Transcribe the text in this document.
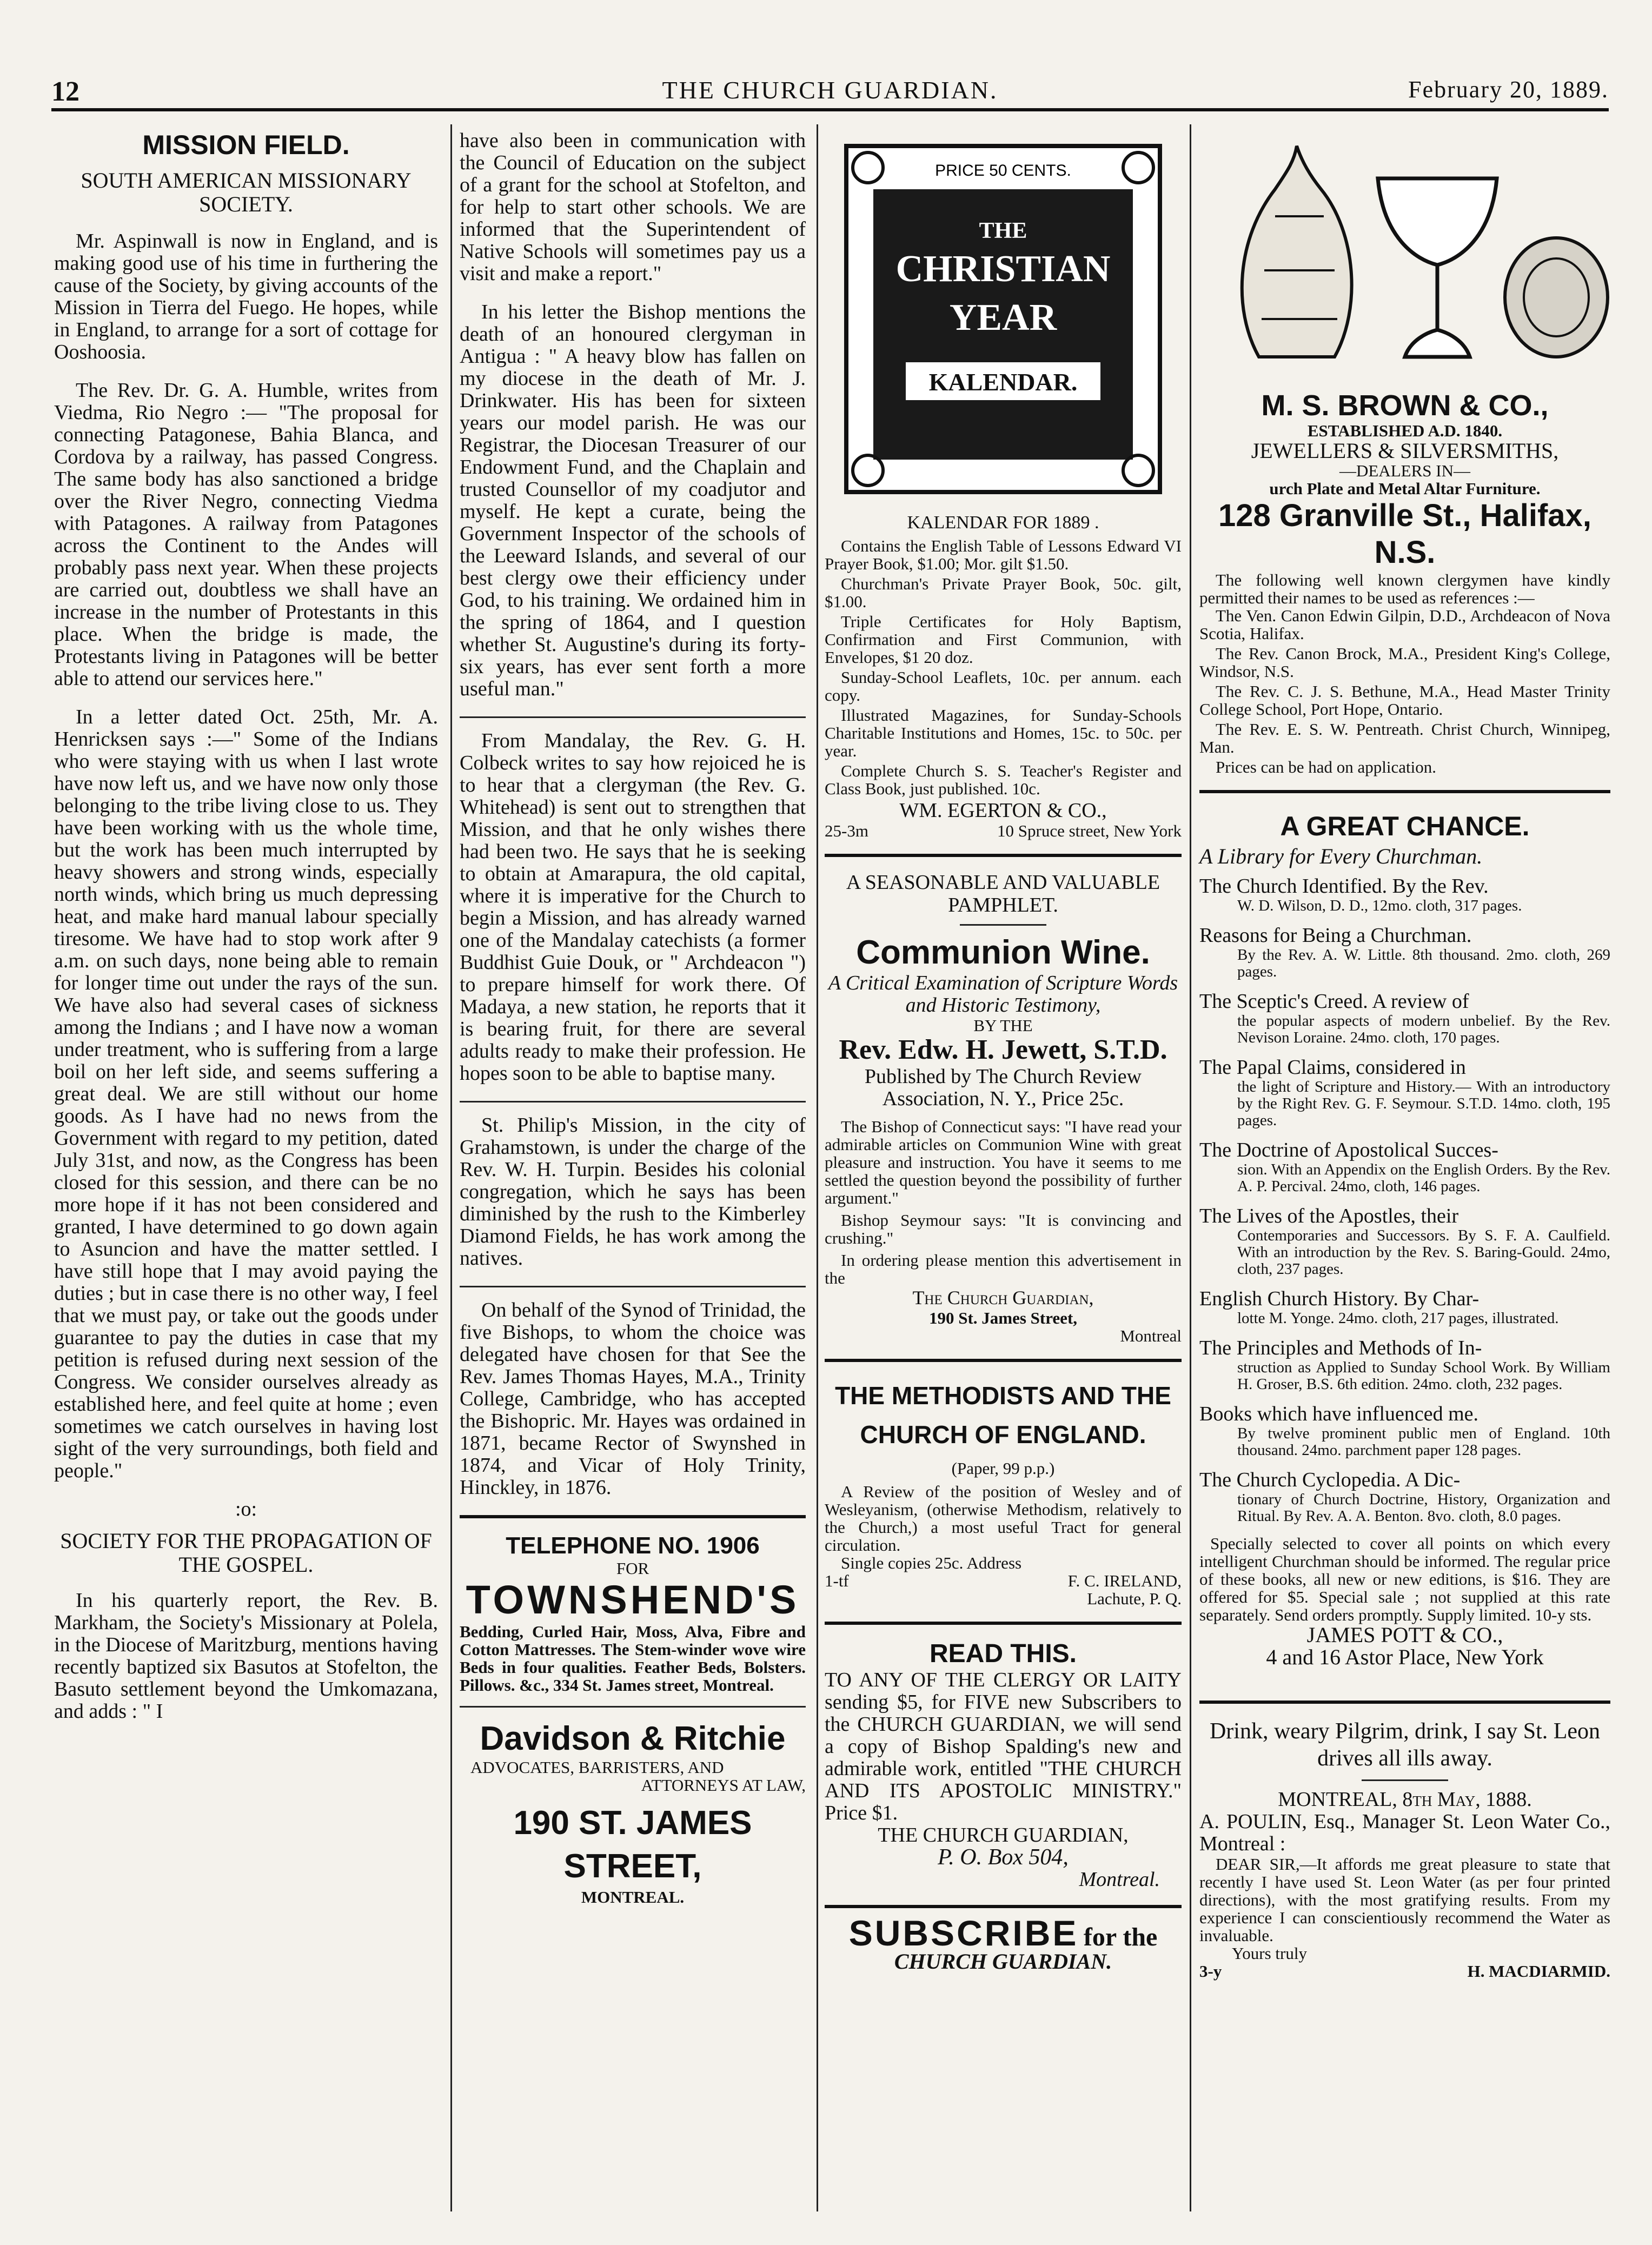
12	THE CHURCH GUARDIAN.	February 20, 1889.
MISSION FIELD.
SOUTH AMERICAN MISSIONARY SOCIETY.

Mr. Aspinwall is now in England, and is making good use of his time in furthering the cause of the Society, by giving accounts of the Mission in Tierra del Fuego. He hopes, while in England, to arrange for a sort of cottage for Ooshoosia.

The Rev. Dr. G. A. Humble, writes from Viedma, Rio Negro :— "The proposal for connecting Patagonese, Bahia Blanca, and Cordova by a railway, has passed Congress. The same body has also sanctioned a bridge over the River Negro, connecting Viedma with Patagones. A railway from Patagones across the Continent to the Andes will probably pass next year. When these projects are carried out, doubtless we shall have an increase in the number of Protestants in this place. When the bridge is made, the Protestants living in Patagones will be better able to attend our services here."

In a letter dated Oct. 25th, Mr. A. Henricksen says :—" Some of the Indians who were staying with us when I last wrote have now left us, and we have now only those belonging to the tribe living close to us. They have been working with us the whole time, but the work has been much interrupted by heavy showers and strong winds, especially north winds, which bring us much depressing heat, and make hard manual labour specially tiresome. We have had to stop work after 9 a.m. on such days, none being able to remain for longer time out under the rays of the sun. We have also had several cases of sickness among the Indians ; and I have now a woman under treatment, who is suffering from a large boil on her left side, and seems suffering a great deal. We are still without our home goods. As I have had no news from the Government with regard to my petition, dated July 31st, and now, as the Congress has been closed for this session, and there can be no more hope if it has not been considered and granted, I have determined to go down again to Asuncion and have the matter settled. I have still hope that I may avoid paying the duties ; but in case there is no other way, I feel that we must pay, or take out the goods under guarantee to pay the duties in case that my petition is refused during next session of the Congress. We consider ourselves already as established here, and feel quite at home ; even sometimes we catch ourselves in having lost sight of the very surroundings, both field and people."

:o:
SOCIETY FOR THE PROPAGATION OF THE GOSPEL.

In his quarterly report, the Rev. B. Markham, the Society's Missionary at Polela, in the Diocese of Maritzburg, mentions having recently baptized six Basutos at Stofelton, the Basuto settlement beyond the Umkomazana, and adds : " I

have also been in communication with the Council of Education on the subject of a grant for the school at Stofelton, and for help to start other schools. We are informed that the Superintendent of Native Schools will sometimes pay us a visit and make a report."

In his letter the Bishop mentions the death of an honoured clergyman in Antigua : " A heavy blow has fallen on my diocese in the death of Mr. J. Drinkwater. His has been for sixteen years our model parish. He was our Registrar, the Diocesan Treasurer of our Endowment Fund, and the Chaplain and trusted Counsellor of my coadjutor and myself. He kept a curate, being the Government Inspector of the schools of the Leeward Islands, and several of our best clergy owe their efficiency under God, to his training. We ordained him in the spring of 1864, and I question whether St. Augustine's during its forty-six years, has ever sent forth a more useful man."

From Mandalay, the Rev. G. H. Colbeck writes to say how rejoiced he is to hear that a clergyman (the Rev. G. Whitehead) is sent out to strengthen that Mission, and that he only wishes there had been two. He says that he is seeking to obtain at Amarapura, the old capital, where it is imperative for the Church to begin a Mission, and has already warned one of the Mandalay catechists (a former Buddhist Guie Douk, or " Archdeacon ") to prepare himself for work there. Of Madaya, a new station, he reports that it is bearing fruit, for there are several adults ready to make their profession. He hopes soon to be able to baptise many.

St. Philip's Mission, in the city of Grahamstown, is under the charge of the Rev. W. H. Turpin. Besides his colonial congregation, which he says has been diminished by the rush to the Kimberley Diamond Fields, he has work among the natives.

On behalf of the Synod of Trinidad, the five Bishops, to whom the choice was delegated have chosen for that See the Rev. James Thomas Hayes, M.A., Trinity College, Cambridge, who has accepted the Bishopric. Mr. Hayes was ordained in 1871, became Rector of Swynshed in 1874, and Vicar of Holy Trinity, Hinckley, in 1876.

TELEPHONE NO. 1906
FOR
TOWNSHEND'S
Bedding, Curled Hair, Moss, Alva, Fibre and Cotton Mattresses. The Stem-winder wove wire Beds in four qualities. Feather Beds, Bolsters. Pillows. &c., 334 St. James street, Montreal.
Davidson & Ritchie
ADVOCATES, BARRISTERS, AND
ATTORNEYS AT LAW,
190 ST. JAMES STREET,
MONTREAL.
PRICE 50 CENTS.
THE
CHRISTIAN
YEAR
KALENDAR.
KALENDAR FOR 1889 .
Contains the English Table of Lessons Edward VI Prayer Book, $1.00; Mor. gilt $1.50.
Churchman's Private Prayer Book, 50c. gilt, $1.00.
Triple Certificates for Holy Baptism, Confirmation and First Communion, with Envelopes, $1 20 doz.
Sunday-School Leaflets, 10c. per annum. each copy.
Illustrated Magazines, for Sunday-Schools Charitable Institutions and Homes, 15c. to 50c. per year.
Complete Church S. S. Teacher's Register and Class Book, just published. 10c.
WM. EGERTON & CO.,
25-3m	10 Spruce street, New York
A SEASONABLE AND VALUABLE PAMPHLET.
Communion Wine.
A Critical Examination of Scripture Words and Historic Testimony,
BY THE
Rev. Edw. H. Jewett, S.T.D.
Published by The Church Review Association, N. Y., Price 25c.
The Bishop of Connecticut says: "I have read your admirable articles on Communion Wine with great pleasure and instruction. You have it seems to me settled the question beyond the possibility of further argument."
Bishop Seymour says: "It is convincing and crushing."
In ordering please mention this advertisement in the
The Church Guardian,
190 St. James Street,
Montreal
THE METHODISTS AND THE CHURCH OF ENGLAND.
(Paper, 99 p.p.)
A Review of the position of Wesley and of Wesleyanism, (otherwise Methodism, relatively to the Church,) a most useful Tract for general circulation.
Single copies 25c. Address
1-tf	F. C. IRELAND,
Lachute, P. Q.
READ THIS.
TO ANY OF THE CLERGY OR LAITY sending $5, for FIVE new Subscribers to the CHURCH GUARDIAN, we will send a copy of Bishop Spalding's new and admirable work, entitled "THE CHURCH AND ITS APOSTOLIC MINISTRY." Price $1.
THE CHURCH GUARDIAN,
P. O. Box 504,
Montreal.
SUBSCRIBE for the
CHURCH GUARDIAN.
M. S. BROWN & CO.,
ESTABLISHED A.D. 1840.
JEWELLERS & SILVERSMITHS,
—DEALERS IN—
urch Plate and Metal Altar Furniture.
128 Granville St., Halifax, N.S.
The following well known clergymen have kindly permitted their names to be used as references :—
The Ven. Canon Edwin Gilpin, D.D., Archdeacon of Nova Scotia, Halifax.
The Rev. Canon Brock, M.A., President King's College, Windsor, N.S.
The Rev. C. J. S. Bethune, M.A., Head Master Trinity College School, Port Hope, Ontario.
The Rev. E. S. W. Pentreath. Christ Church, Winnipeg, Man.
Prices can be had on application.
A GREAT CHANCE.
A Library for Every Churchman.
The Church Identified. By the Rev.
W. D. Wilson, D. D., 12mo. cloth, 317 pages.
Reasons for Being a Churchman.
By the Rev. A. W. Little. 8th thousand. 2mo. cloth, 269 pages.
The Sceptic's Creed. A review of
the popular aspects of modern unbelief. By the Rev. Nevison Loraine. 24mo. cloth, 170 pages.
The Papal Claims, considered in
the light of Scripture and History.— With an introductory by the Right Rev. G. F. Seymour. S.T.D. 14mo. cloth, 195 pages.
The Doctrine of Apostolical Succes-
sion. With an Appendix on the English Orders. By the Rev. A. P. Percival. 24mo, cloth, 146 pages.
The Lives of the Apostles, their
Contemporaries and Successors. By S. F. A. Caulfield. With an introduction by the Rev. S. Baring-Gould. 24mo, cloth, 237 pages.
English Church History. By Char-
lotte M. Yonge. 24mo. cloth, 217 pages, illustrated.
The Principles and Methods of In-
struction as Applied to Sunday School Work. By William H. Groser, B.S. 6th edition. 24mo. cloth, 232 pages.
Books which have influenced me.
By twelve prominent public men of England. 10th thousand. 24mo. parchment paper 128 pages.
The Church Cyclopedia. A Dic-
tionary of Church Doctrine, History, Organization and Ritual. By Rev. A. A. Benton. 8vo. cloth, 8.0 pages.
Specially selected to cover all points on which every intelligent Churchman should be informed. The regular price of these books, all new or new editions, is $16. They are offered for $5. Special sale ; not supplied at this rate separately. Send orders promptly. Supply limited. 10-y sts.
JAMES POTT & CO.,
4 and 16 Astor Place, New York
Drink, weary Pilgrim, drink, I say St. Leon drives all ills away.
MONTREAL, 8th May, 1888.
A. POULIN, Esq., Manager St. Leon Water Co., Montreal :
DEAR SIR,—It affords me great pleasure to state that recently I have used St. Leon Water (as per four printed directions), with the most gratifying results. From my experience I can conscientiously recommend the Water as invaluable.
Yours truly
3-y	H. MACDIARMID.
